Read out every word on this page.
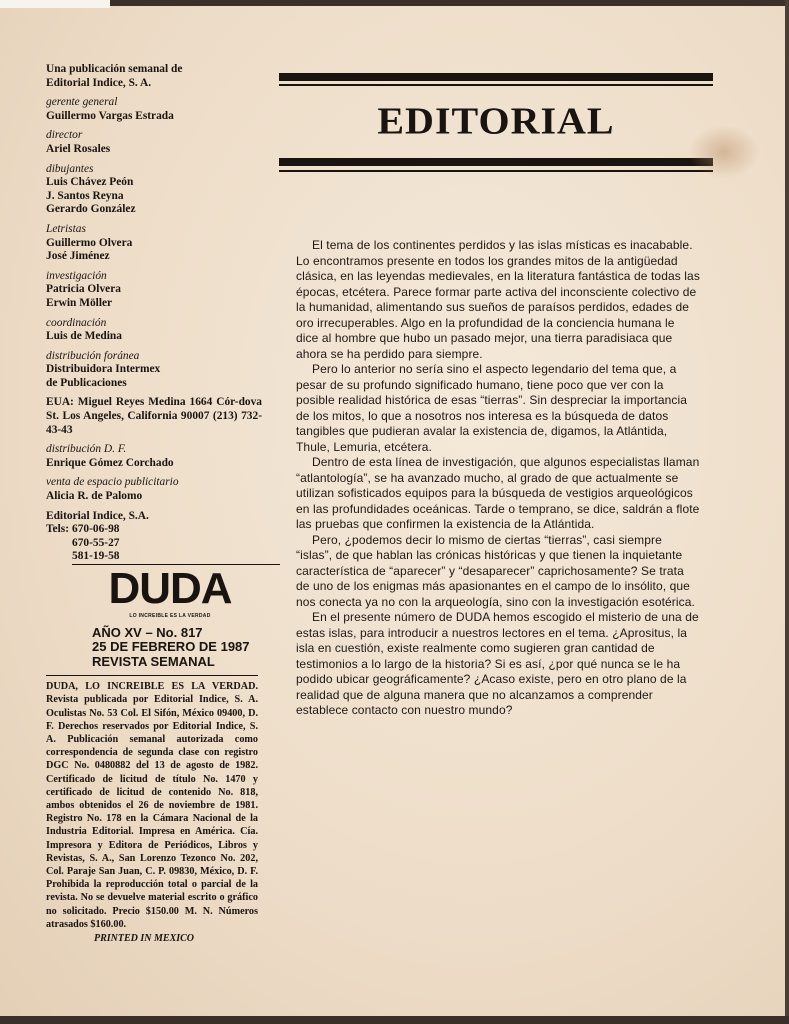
Una publicación semanal de
Editorial Indice, S. A.
gerente general
Guillermo Vargas Estrada
director
Ariel Rosales
dibujantes
Luis Chávez Peón
J. Santos Reyna
Gerardo González
Letristas
Guillermo Olvera
José Jiménez
investigación
Patricia Olvera
Erwin Möller
coordinación
Luis de Medina
distribución foránea
Distribuidora Intermex
de Publicaciones
EUA: Miguel Reyes Medina 1664 Cór-dova St. Los Angeles, California 90007 (213) 732-43-43
distribución D. F.
Enrique Gómez Corchado
venta de espacio publicitario
Alicia R. de Palomo
Editorial Indice, S.A.
Tels: 670-06-98
670-55-27
581-19-58
DUDA
LO INCREIBLE ES LA VERDAD
AÑO XV – No. 817
25 DE FEBRERO DE 1987
REVISTA SEMANAL
DUDA, LO INCREIBLE ES LA VERDAD. Revista publicada por Editorial Indice, S. A. Oculistas No. 53 Col. El Sifón, México 09400, D. F. Derechos reservados por Editorial Indice, S. A. Publicación semanal autorizada como correspondencia de segunda clase con registro DGC No. 0480882 del 13 de agosto de 1982. Certificado de licitud de título No. 1470 y certificado de licitud de contenido No. 818, ambos obtenidos el 26 de noviembre de 1981. Registro No. 178 en la Cámara Nacional de la Industria Editorial. Impresa en América. Cía. Impresora y Editora de Periódicos, Libros y Revistas, S. A., San Lorenzo Tezonco No. 202, Col. Paraje San Juan, C. P. 09830, México, D. F. Prohibida la reproducción total o parcial de la revista. No se devuelve material escrito o gráfico no solicitado. Precio $150.00 M. N. Números atrasados $160.00.
PRINTED IN MEXICO
EDITORIAL

El tema de los continentes perdidos y las islas místicas es inacabable. Lo encontramos presente en todos los grandes mitos de la antigüedad clásica, en las leyendas medievales, en la literatura fantástica de todas las épocas, etcétera. Parece formar parte activa del inconsciente colectivo de la humanidad, alimentando sus sueños de paraísos perdidos, edades de oro irrecuperables. Algo en la profundidad de la conciencia humana le dice al hombre que hubo un pasado mejor, una tierra paradisiaca que ahora se ha perdido para siempre.

Pero lo anterior no sería sino el aspecto legendario del tema que, a pesar de su profundo significado humano, tiene poco que ver con la posible realidad histórica de esas “tierras”. Sin despreciar la importancia de los mitos, lo que a nosotros nos interesa es la búsqueda de datos tangibles que pudieran avalar la existencia de, digamos, la Atlántida, Thule, Lemuria, etcétera.

Dentro de esta línea de investigación, que algunos especialistas llaman “atlantología”, se ha avanzado mucho, al grado de que actualmente se utilizan sofisticados equipos para la búsqueda de vestigios arqueológicos en las profundidades oceánicas. Tarde o temprano, se dice, saldrán a flote las pruebas que confirmen la existencia de la Atlántida.

Pero, ¿podemos decir lo mismo de ciertas “tierras”, casi siempre “islas”, de que hablan las crónicas históricas y que tienen la inquietante característica de “aparecer” y “desaparecer” caprichosamente? Se trata de uno de los enigmas más apasionantes en el campo de lo insólito, que nos conecta ya no con la arqueología, sino con la investigación esotérica.

En el presente número de DUDA hemos escogido el misterio de una de estas islas, para introducir a nuestros lectores en el tema. ¿Aprositus, la isla en cuestión, existe realmente como sugieren gran cantidad de testimonios a lo largo de la historia? Si es así, ¿por qué nunca se le ha podido ubicar geográficamente? ¿Acaso existe, pero en otro plano de la realidad que de alguna manera que no alcanzamos a comprender establece contacto con nuestro mundo?
